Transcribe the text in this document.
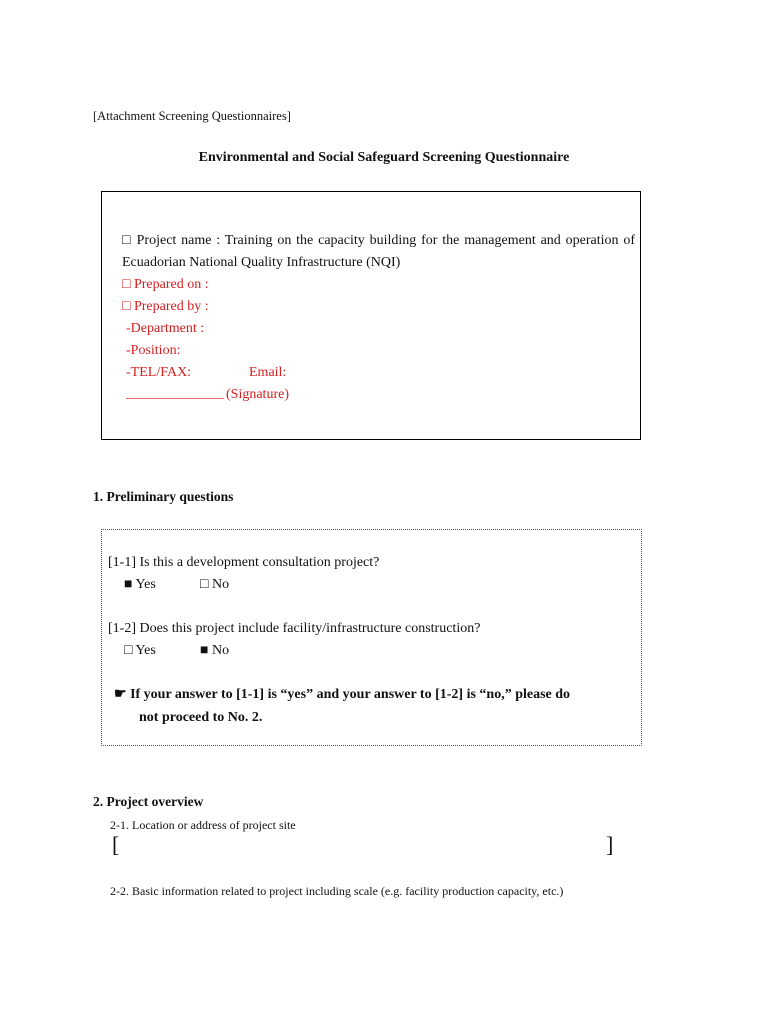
[Attachment Screening Questionnaires]
Environmental and Social Safeguard Screening Questionnaire
□ Project name : Training on the capacity building for the management and operation of Ecuadorian National Quality Infrastructure (NQI)
□ Prepared on :
□ Prepared by :
-Department :
-Position:
-TEL/FAX:	Email:
______________ (Signature)
1. Preliminary questions
[1-1] Is this a development consultation project?
■ Yes	□ No
[1-2] Does this project include facility/infrastructure construction?
□ Yes	■ No
☛ If your answer to [1-1] is “yes” and your answer to [1-2] is “no,” please do
not proceed to No. 2.
2. Project overview
2-1. Location or address of project site
[	]
2-2. Basic information related to project including scale (e.g. facility production capacity, etc.)
